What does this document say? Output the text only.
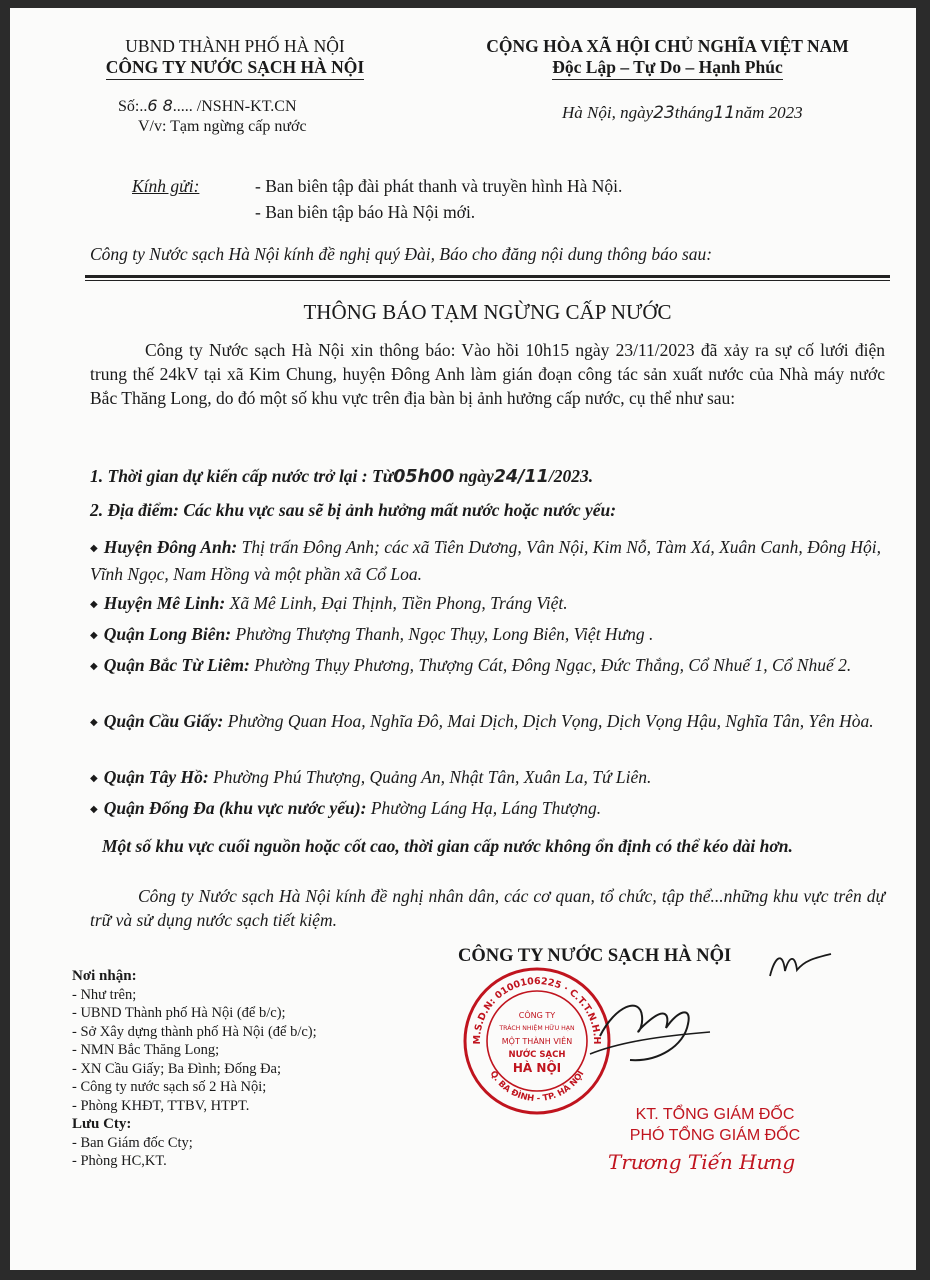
UBND THÀNH PHỐ HÀ NỘI
CÔNG TY NƯỚC SẠCH HÀ NỘI
CỘNG HÒA XÃ HỘI CHỦ NGHĨA VIỆT NAM
Độc Lập – Tự Do – Hạnh Phúc
Số:..6 8..... /NSHN-KT.CN
V/v: Tạm ngừng cấp nước
Hà Nội, ngày23tháng11năm 2023
Kính gửi:	- Ban biên tập đài phát thanh và truyền hình Hà Nội.
- Ban biên tập báo Hà Nội mới.
Công ty Nước sạch Hà Nội kính đề nghị quý Đài, Báo cho đăng nội dung thông báo sau:
THÔNG BÁO TẠM NGỪNG CẤP NƯỚC
Công ty Nước sạch Hà Nội xin thông báo: Vào hồi 10h15 ngày 23/11/2023 đã xảy ra sự cố lưới điện trung thế 24kV tại xã Kim Chung, huyện Đông Anh làm gián đoạn công tác sản xuất nước của Nhà máy nước Bắc Thăng Long, do đó một số khu vực trên địa bàn bị ảnh hưởng cấp nước, cụ thể như sau:
1. Thời gian dự kiến cấp nước trở lại : Từ05h00 ngày24/11/2023.
2. Địa điểm: Các khu vực sau sẽ bị ảnh hưởng mất nước hoặc nước yếu:
◆ Huyện Đông Anh: Thị trấn Đông Anh; các xã Tiên Dương, Vân Nội, Kim Nỗ, Tàm Xá, Xuân Canh, Đông Hội, Vĩnh Ngọc, Nam Hồng và một phần xã Cổ Loa.
◆ Huyện Mê Linh: Xã Mê Linh, Đại Thịnh, Tiền Phong, Tráng Việt.
◆ Quận Long Biên: Phường Thượng Thanh, Ngọc Thụy, Long Biên, Việt Hưng .
◆ Quận Bắc Từ Liêm: Phường Thụy Phương, Thượng Cát, Đông Ngạc, Đức Thắng, Cổ Nhuế 1, Cổ Nhuế 2.
◆ Quận Cầu Giấy: Phường Quan Hoa, Nghĩa Đô, Mai Dịch, Dịch Vọng, Dịch Vọng Hậu, Nghĩa Tân, Yên Hòa.
◆ Quận Tây Hồ: Phường Phú Thượng, Quảng An, Nhật Tân, Xuân La, Tứ Liên.
◆ Quận Đống Đa (khu vực nước yếu): Phường Láng Hạ, Láng Thượng.
Một số khu vực cuối nguồn hoặc cốt cao, thời gian cấp nước không ổn định có thể kéo dài hơn.
Công ty Nước sạch Hà Nội kính đề nghị nhân dân, các cơ quan, tổ chức, tập thể...những khu vực trên dự trữ và sử dụng nước sạch tiết kiệm.
Nơi nhận:
- Như trên;
- UBND Thành phố Hà Nội (để b/c);
- Sở Xây dựng thành phố Hà Nội (để b/c);
- NMN Bắc Thăng Long;
- XN Cầu Giấy; Ba Đình; Đống Đa;
- Công ty nước sạch số 2 Hà Nội;
- Phòng KHĐT, TTBV, HTPT.
Lưu Cty:
- Ban Giám đốc Cty;
- Phòng HC,KT.
CÔNG TY NƯỚC SẠCH HÀ NỘI
M.S.D.N: 0100106225 · C.T.T.N.H.H
Q. BA ĐÌNH - TP. HÀ NỘI
CÔNG TY
TRÁCH NHIỆM HỮU HẠN
MỘT THÀNH VIÊN
NƯỚC SẠCH
HÀ NỘI
KT. TỔNG GIÁM ĐỐC
PHÓ TỔNG GIÁM ĐỐC
Trương Tiến Hưng
